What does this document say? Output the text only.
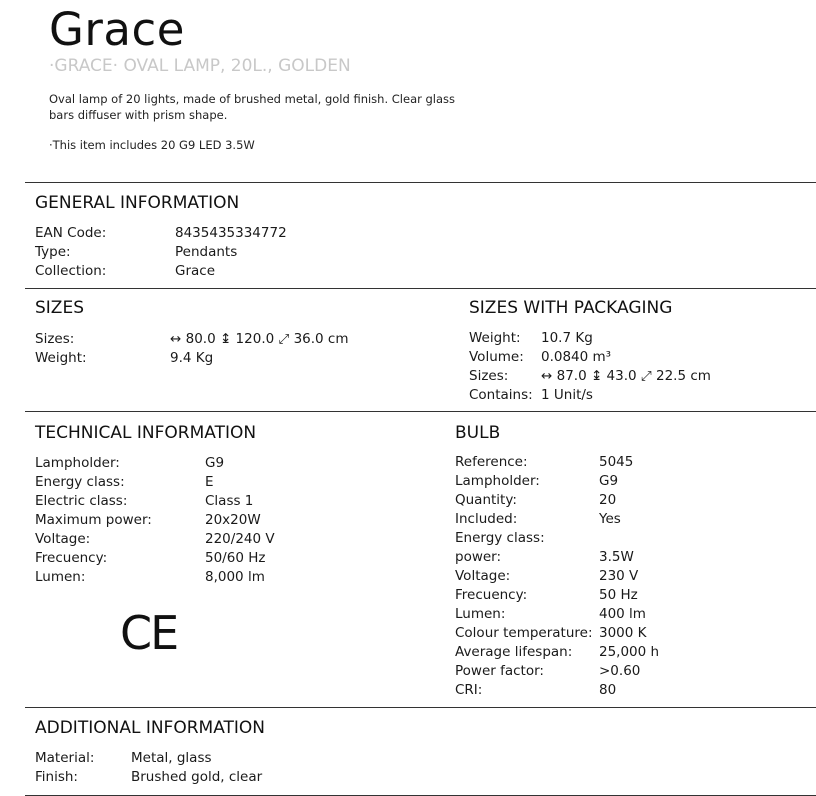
Grace
·GRACE· OVAL LAMP, 20L., GOLDEN
Oval lamp of 20 lights, made of brushed metal, gold finish. Clear glass bars diffuser with prism shape.
·This item includes 20 G9 LED 3.5W
GENERAL INFORMATION
EAN Code:	8435435334772
Type:	Pendants
Collection:	Grace
SIZES
Sizes:	↔ 80.0 ↨ 120.0 ⤢ 36.0 cm
Weight:	9.4 Kg
SIZES WITH PACKAGING
Weight: 10.7 Kg
Volume: 0.0840 m³
Sizes: ↔ 87.0 ↨ 43.0 ⤢ 22.5 cm
Contains: 1 Unit/s
TECHNICAL INFORMATION
Lampholder:	G9
Energy class:	E
Electric class:	Class 1
Maximum power:	20x20W
Voltage:	220/240 V
Frecuency:	50/60 Hz
Lumen:	8,000 lm
CE
BULB
Reference:	5045
Lampholder:	G9
Quantity:	20
Included:	Yes
Energy class:
power:	3.5W
Voltage:	230 V
Frecuency:	50 Hz
Lumen:	400 lm
Colour temperature: 3000 K
Average lifespan: 25,000 h
Power factor:	>0.60
CRI:	80
ADDITIONAL INFORMATION
Material:	Metal, glass
Finish:	Brushed gold, clear
